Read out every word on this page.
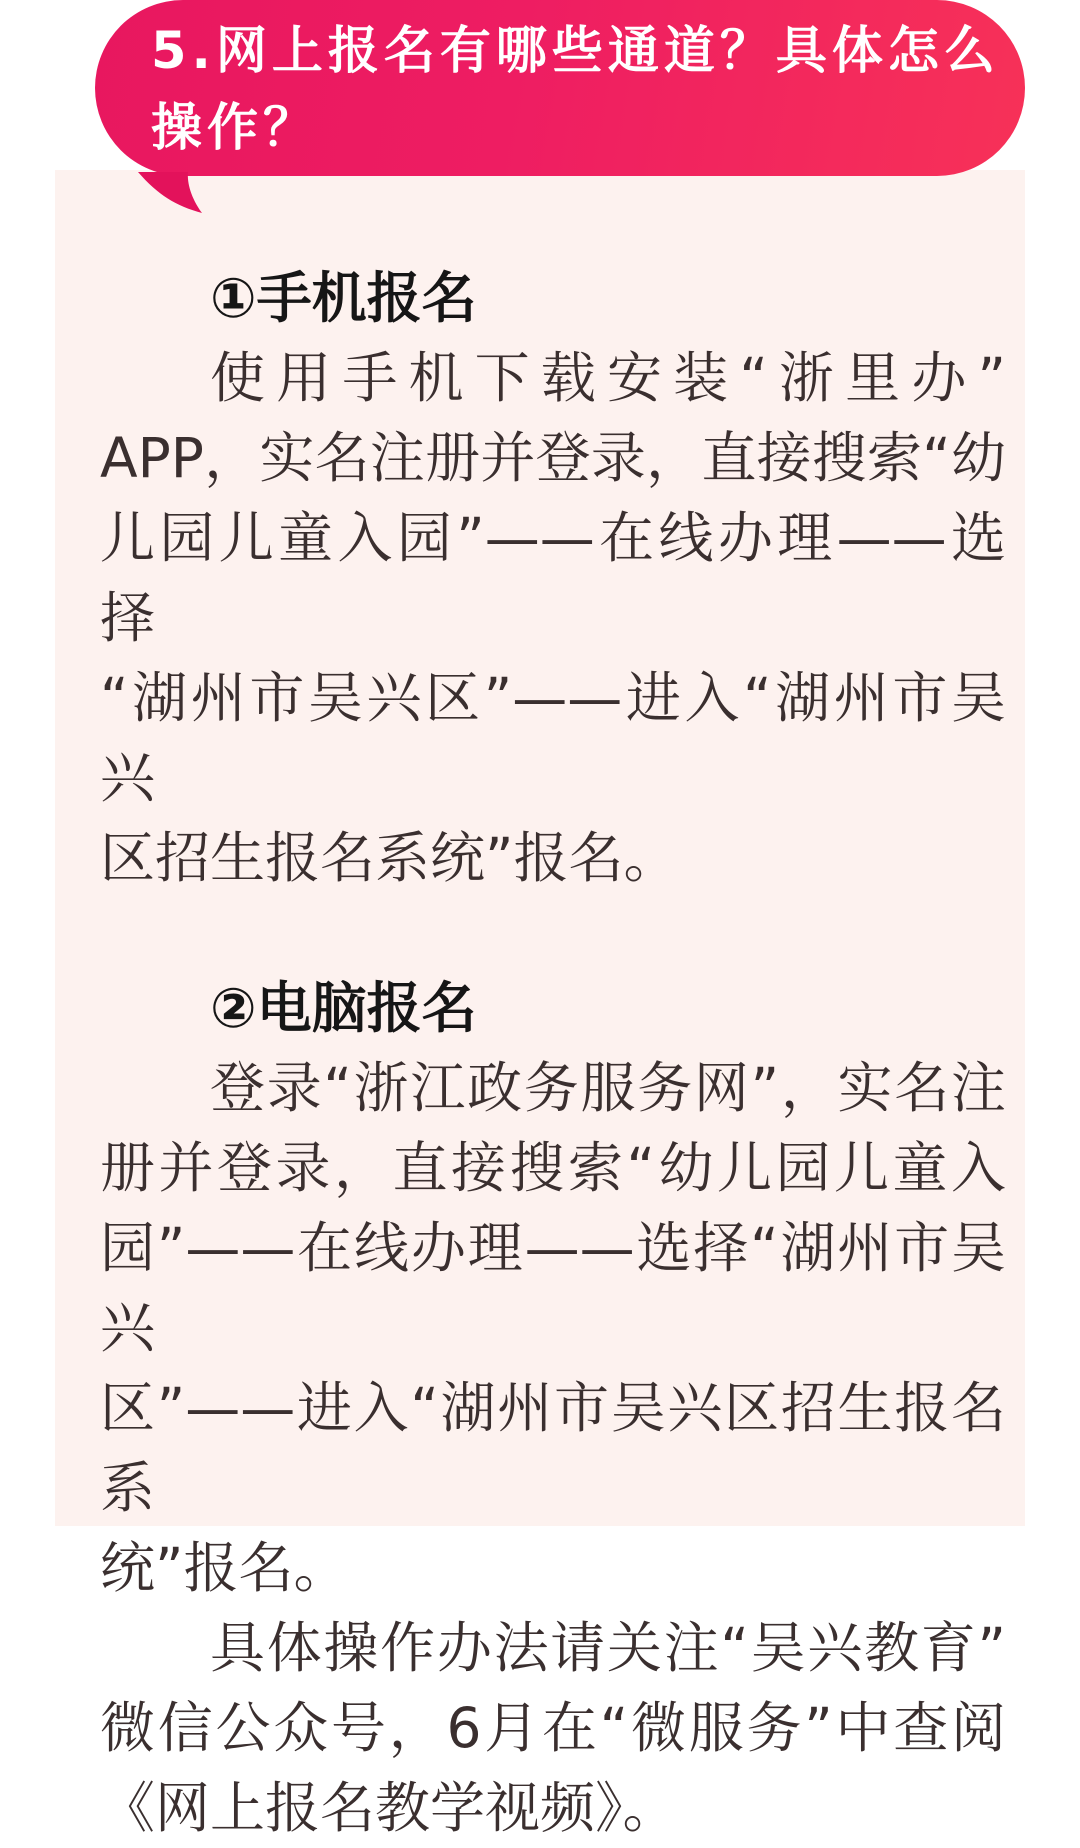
5.网上报名有哪些通道？具体怎么
操作？
①手机报名
使用手机下载安装“浙里办”
APP，实名注册并登录，直接搜索“幼
儿园儿童入园”——在线办理——选择
“湖州市吴兴区”——进入“湖州市吴兴
区招生报名系统”报名。
②电脑报名
登录“浙江政务服务网”，实名注
册并登录，直接搜索“幼儿园儿童入
园”——在线办理——选择“湖州市吴兴
区”——进入“湖州市吴兴区招生报名系
统”报名。
具体操作办法请关注“吴兴教育”
微信公众号，6月在“微服务”中查阅
《网上报名教学视频》。
